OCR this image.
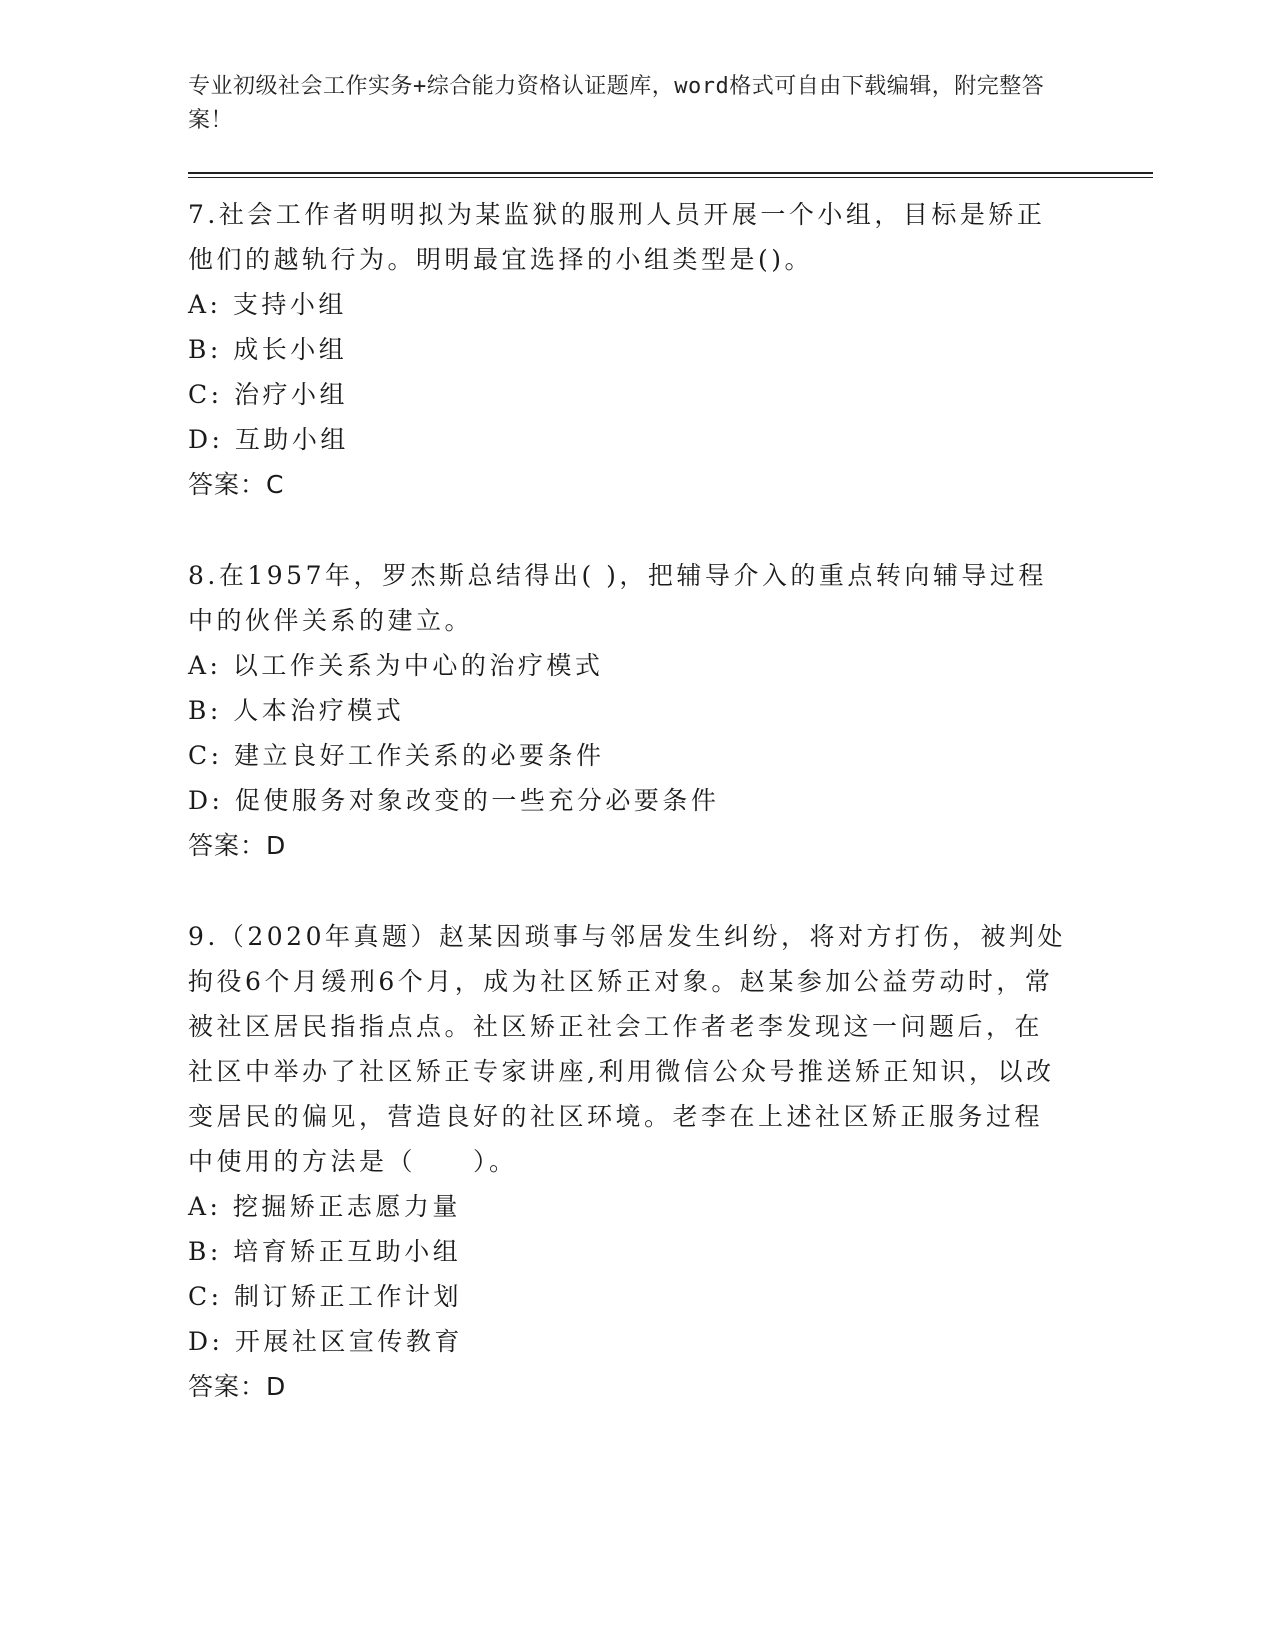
专业初级社会工作实务+综合能力资格认证题库，word格式可自由下载编辑，附完整答案！
7.社会工作者明明拟为某监狱的服刑人员开展一个小组，目标是矫正他们的越轨行为。明明最宜选择的小组类型是()。
A: 支持小组
B: 成长小组
C: 治疗小组
D: 互助小组
答案：C
8.在1957年，罗杰斯总结得出( )，把辅导介入的重点转向辅导过程中的伙伴关系的建立。
A: 以工作关系为中心的治疗模式
B: 人本治疗模式
C: 建立良好工作关系的必要条件
D: 促使服务对象改变的一些充分必要条件
答案：D
9.（2020年真题）赵某因琐事与邻居发生纠纷，将对方打伤，被判处拘役6个月缓刑6个月，成为社区矫正对象。赵某参加公益劳动时，常被社区居民指指点点。社区矫正社会工作者老李发现这一问题后，在社区中举办了社区矫正专家讲座,利用微信公众号推送矫正知识，以改变居民的偏见，营造良好的社区环境。老李在上述社区矫正服务过程中使用的方法是（　　）。
A: 挖掘矫正志愿力量
B: 培育矫正互助小组
C: 制订矫正工作计划
D: 开展社区宣传教育
答案：D
